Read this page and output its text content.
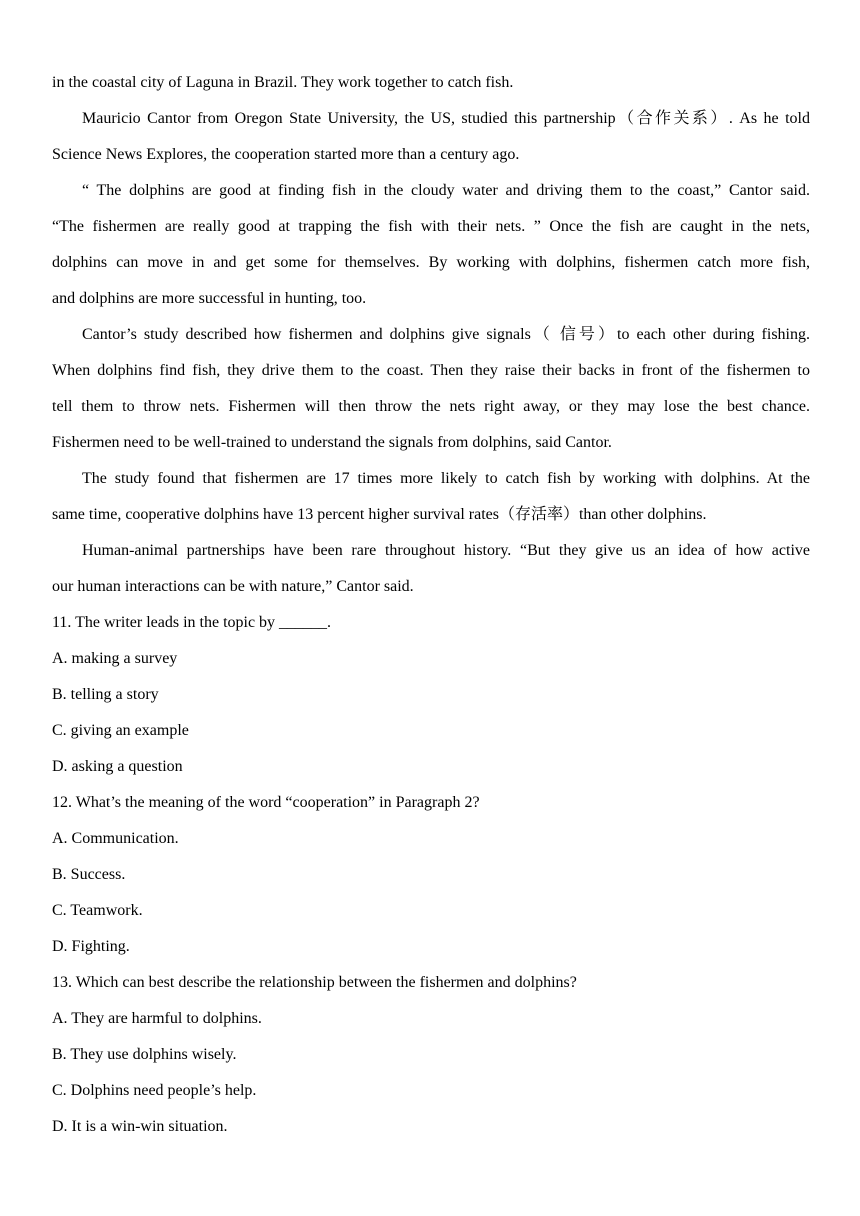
in the coastal city of Laguna in Brazil. They work together to catch fish.
Mauricio Cantor from Oregon State University, the US, studied this partnership（合作关系）. As he told
Science News Explores, the cooperation started more than a century ago.
“ The dolphins are good at finding fish in the cloudy water and driving them to the coast,” Cantor said.
“The fishermen are really good at trapping the fish with their nets. ” Once the fish are caught in the nets,
dolphins can move in and get some for themselves. By working with dolphins, fishermen catch more fish,
and dolphins are more successful in hunting, too.
Cantor’s study described how fishermen and dolphins give signals（ 信号）to each other during fishing.
When dolphins find fish, they drive them to the coast. Then they raise their backs in front of the fishermen to
tell them to throw nets. Fishermen will then throw the nets right away, or they may lose the best chance.
Fishermen need to be well-trained to understand the signals from dolphins, said Cantor.
The study found that fishermen are 17 times more likely to catch fish by working with dolphins. At the
same time, cooperative dolphins have 13 percent higher survival rates（存活率）than other dolphins.
Human-animal partnerships have been rare throughout history. “But they give us an idea of how active
our human interactions can be with nature,” Cantor said.
11. The writer leads in the topic by ______.
A. making a survey
B. telling a story
C. giving an example
D. asking a question
12. What’s the meaning of the word “cooperation” in Paragraph 2?
A. Communication.
B. Success.
C. Teamwork.
D. Fighting.
13. Which can best describe the relationship between the fishermen and dolphins?
A. They are harmful to dolphins.
B. They use dolphins wisely.
C. Dolphins need people’s help.
D. It is a win-win situation.
